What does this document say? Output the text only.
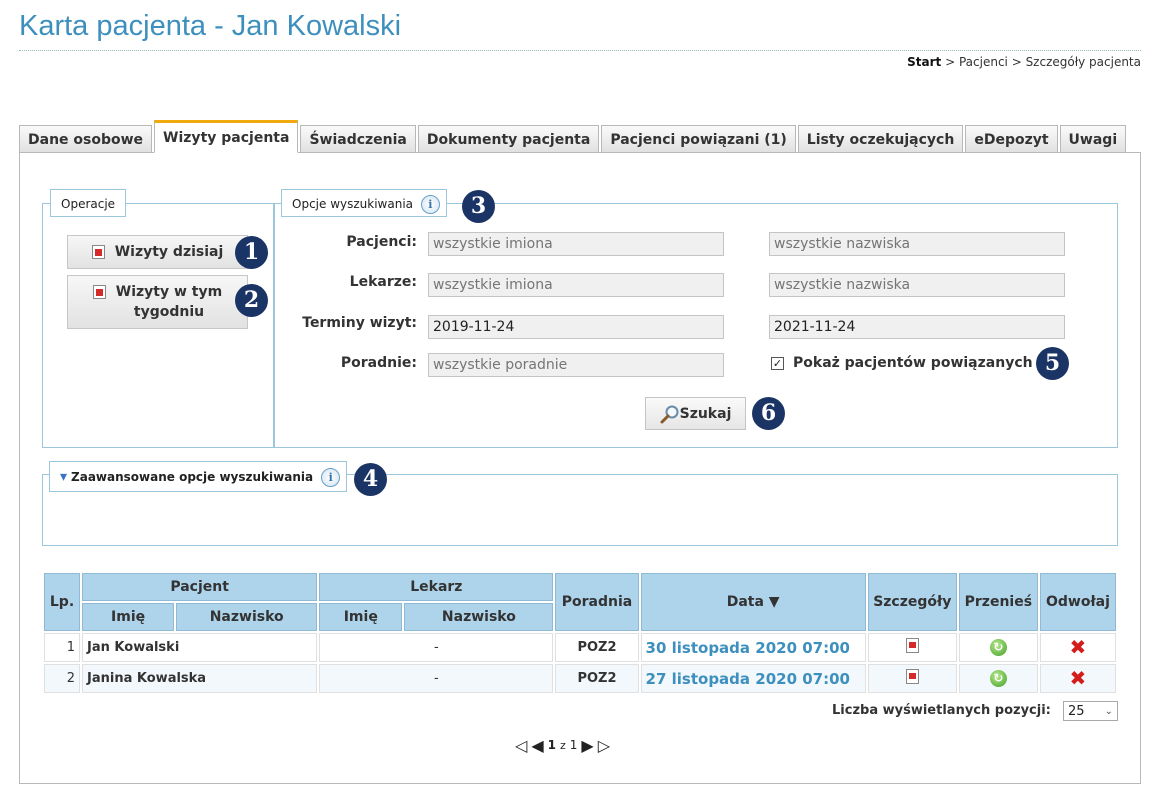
Karta pacjenta - Jan Kowalski
Start > Pacjenci > Szczegóły pacjenta
Dane osobowe	Wizyty pacjenta	Świadczenia	Dokumenty pacjenta	Pacjenci powiązani (1)	Listy oczekujących	eDepozyt	Uwagi
Operacje
Wizyty dzisiaj 1
Wizyty w tym
tygodniu	2
Opcje wyszukiwania i	3
Pacjenci:
wszystkie imiona
wszystkie nazwiska
Lekarze:
wszystkie imiona
wszystkie nazwiska
Terminy wizyt:
2019-11-24
2021-11-24
Poradnie:
wszystkie poradnie	✓ Pokaż pacjentów powiązanych 5
Szukaj	6
▾ Zaawansowane opcje wyszukiwania i	4
Lp.	Pacjent		Lekarz		Poradnia	Data ▼	Szczegóły	Przenieś	Odwołaj
	Imię	Nazwisko	Imię	Nazwisko					
1	Jan Kowalski		-		POZ2	30 listopada 2020 07:00		↻	✖
2	Janina Kowalska		-		POZ2	27 listopada 2020 07:00		↻	✖
Liczba wyświetlanych pozycji: 25 ⌄
◁ ◀ 1 z 1 ▶ ▷
